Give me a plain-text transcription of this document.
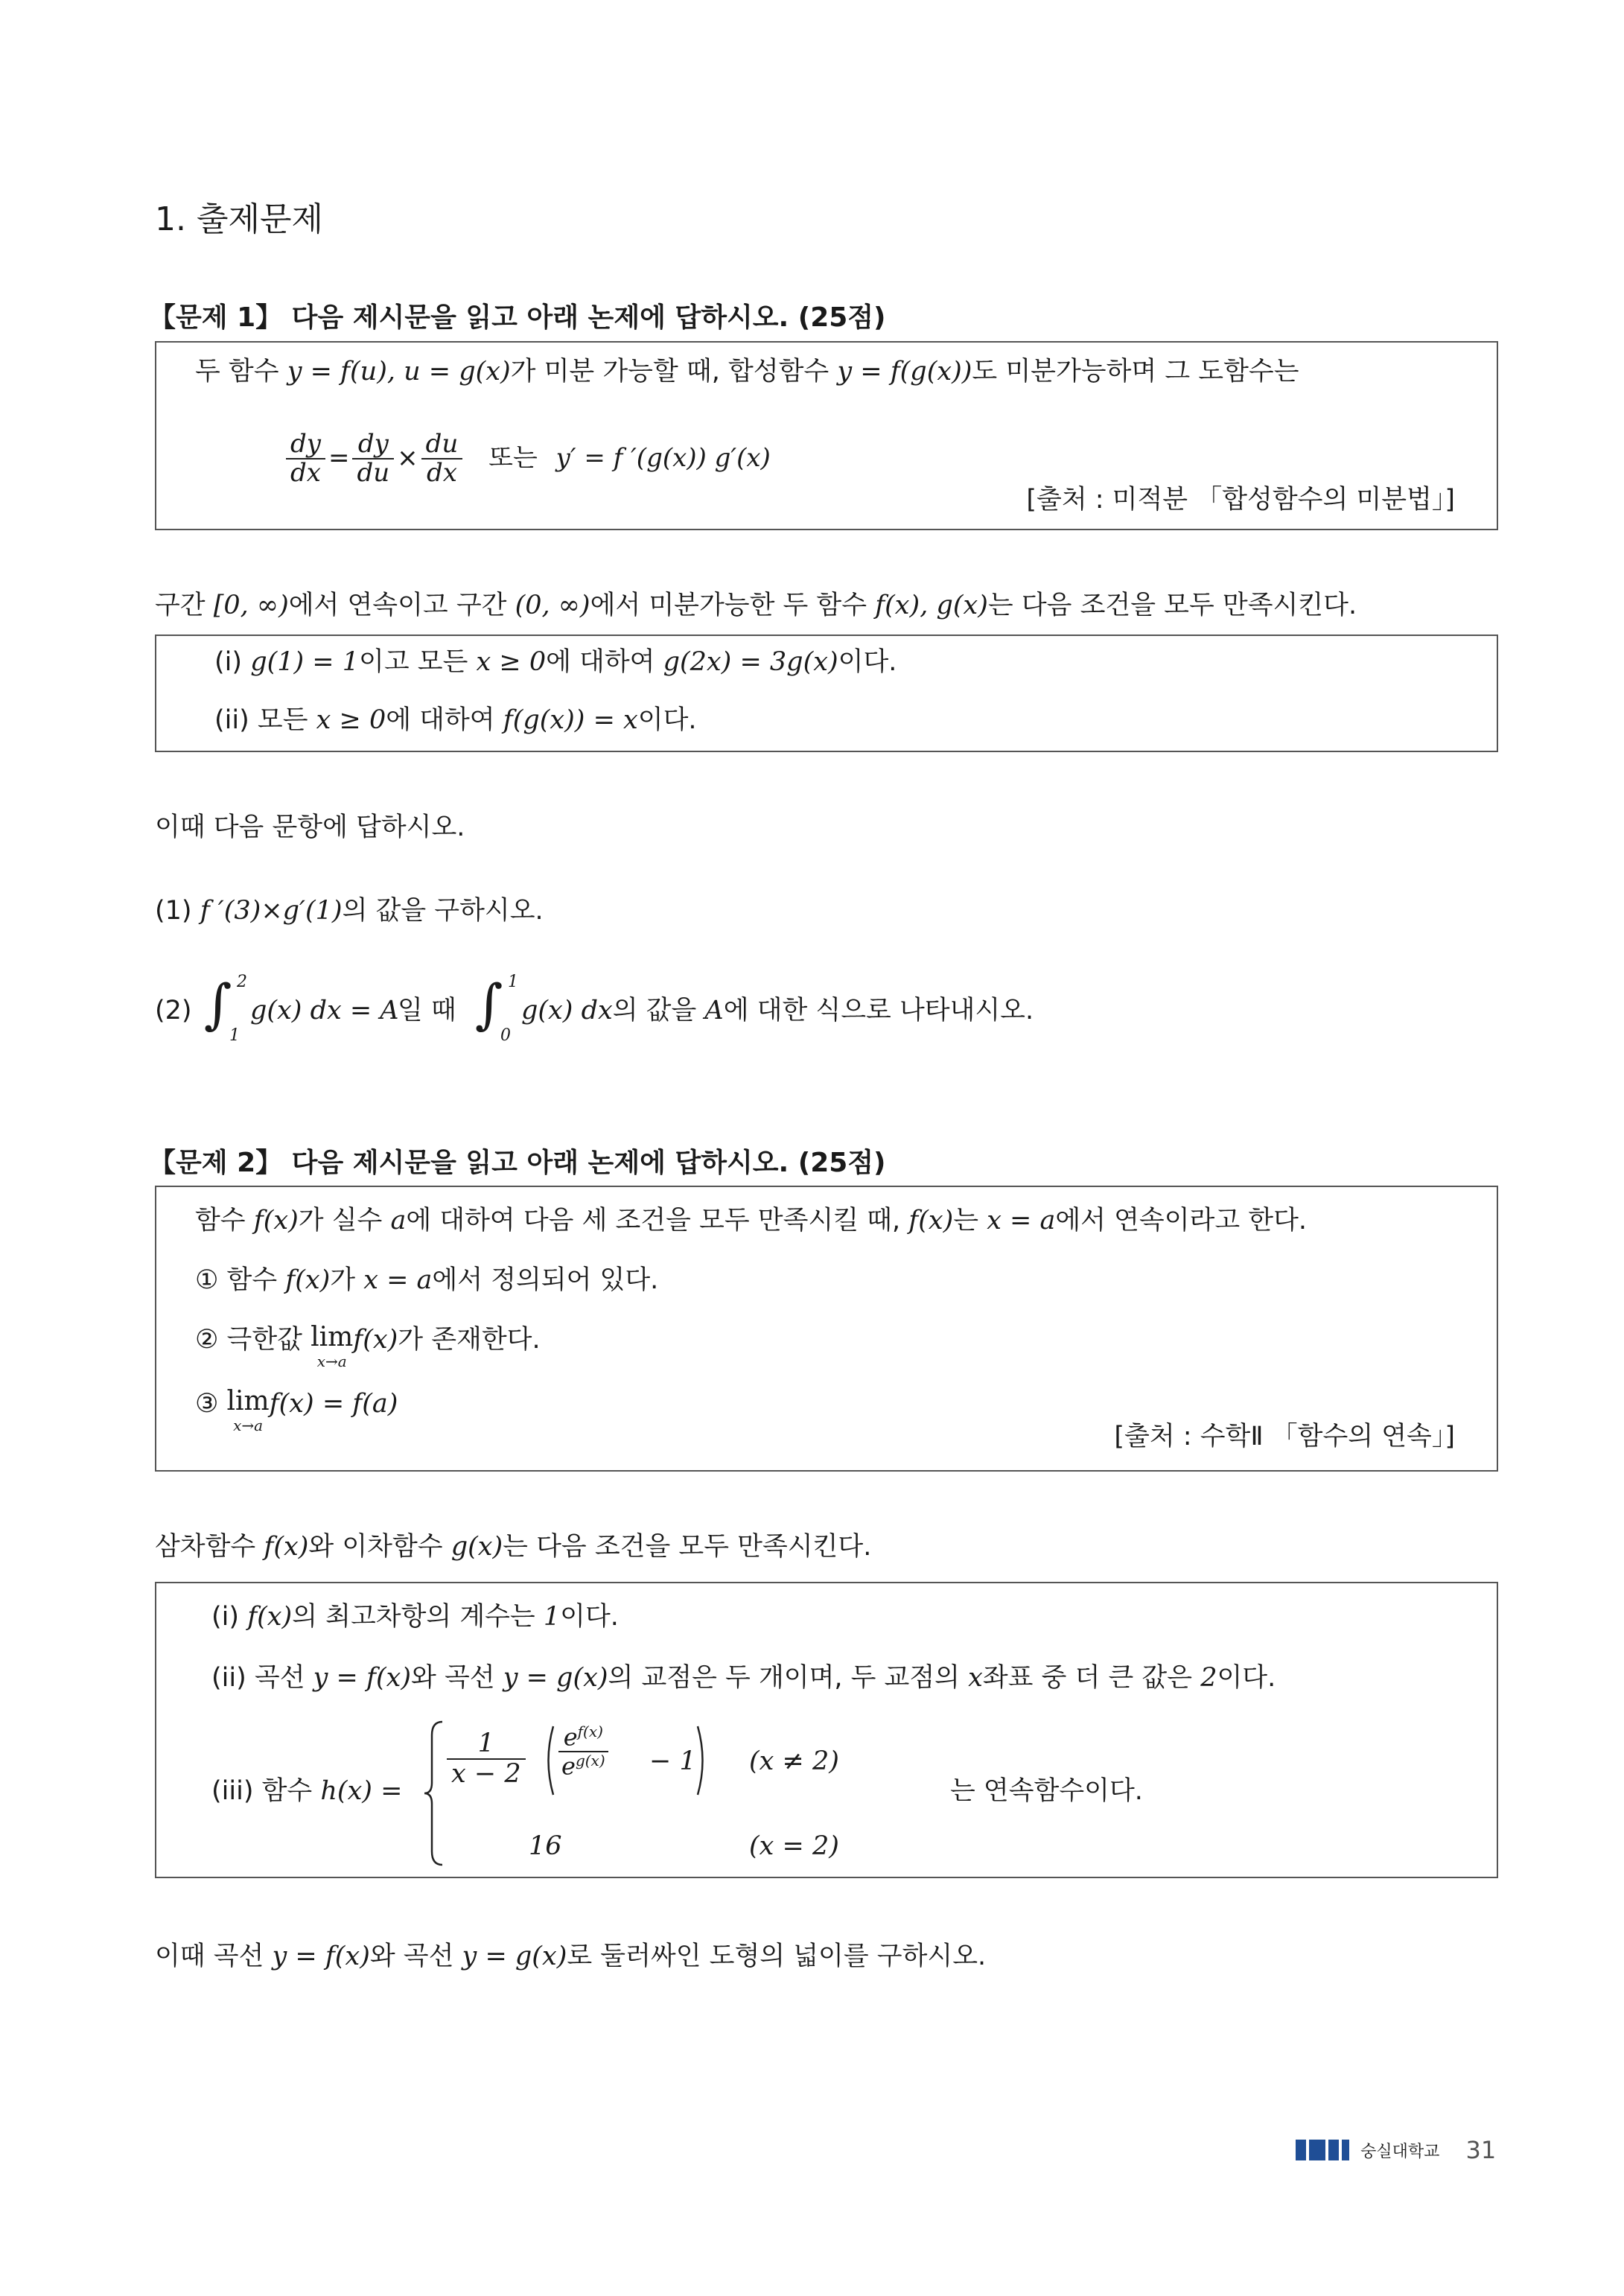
1. 출제문제
【문제 1】 다음 제시문을 읽고 아래 논제에 답하시오. (25점)
두 함수 y = f(u), u = g(x)가 미분 가능할 때, 합성함수 y = f(g(x))도 미분가능하며 그 도함수는
$\frac{dy}{dx} = \frac{dy}{du} \times \frac{du}{dx}$ 또는 y′ = f ′(g(x)) g′(x)
[출처 : 미적분 「합성함수의 미분법」]
구간 [0, ∞)에서 연속이고 구간 (0, ∞)에서 미분가능한 두 함수 f(x), g(x)는 다음 조건을 모두 만족시킨다.
(i) g(1) = 1이고 모든 x ≥ 0에 대하여 g(2x) = 3g(x)이다.
(ii) 모든 x ≥ 0에 대하여 f(g(x)) = x이다.
이때 다음 문항에 답하시오.
(1) f ′(3)×g′(1)의 값을 구하시오.
(2) ∫ 2
1
g(x) dx = A
일 때 ∫ 1
0
g(x) dx의 값을 A에 대한 식으로 나타내시오.
【문제 2】 다음 제시문을 읽고 아래 논제에 답하시오. (25점)
함수 f(x)가 실수 a에 대하여 다음 세 조건을 모두 만족시킬 때, f(x)는 x = a에서 연속이라고 한다.
① 함수 f(x)가 x = a에서 정의되어 있다.
② 극한값 lim
x→a
f(x)가 존재한다.
③ lim
x→a
f(x) = f(a)
[출처 : 수학Ⅱ 「함수의 연속」]
삼차함수 f(x)와 이차함수 g(x)는 다음 조건을 모두 만족시킨다.
(i) f(x)의 최고차항의 계수는 1이다.
(ii) 곡선 y = f(x)와 곡선 y = g(x)의 교점은 두 개이며, 두 교점의 x좌표 중 더 큰 값은 2이다.
(iii) 함수 h(x) =
$\frac{1}{x - 2} e^{f(x)}$
$e^{g(x)} - 1$ (x ≠ 2)
16	(x = 2)
는 연속함수이다.
이때 곡선 y = f(x)와 곡선 y = g(x)로 둘러싸인 도형의 넓이를 구하시오.
숭실대학교 31
